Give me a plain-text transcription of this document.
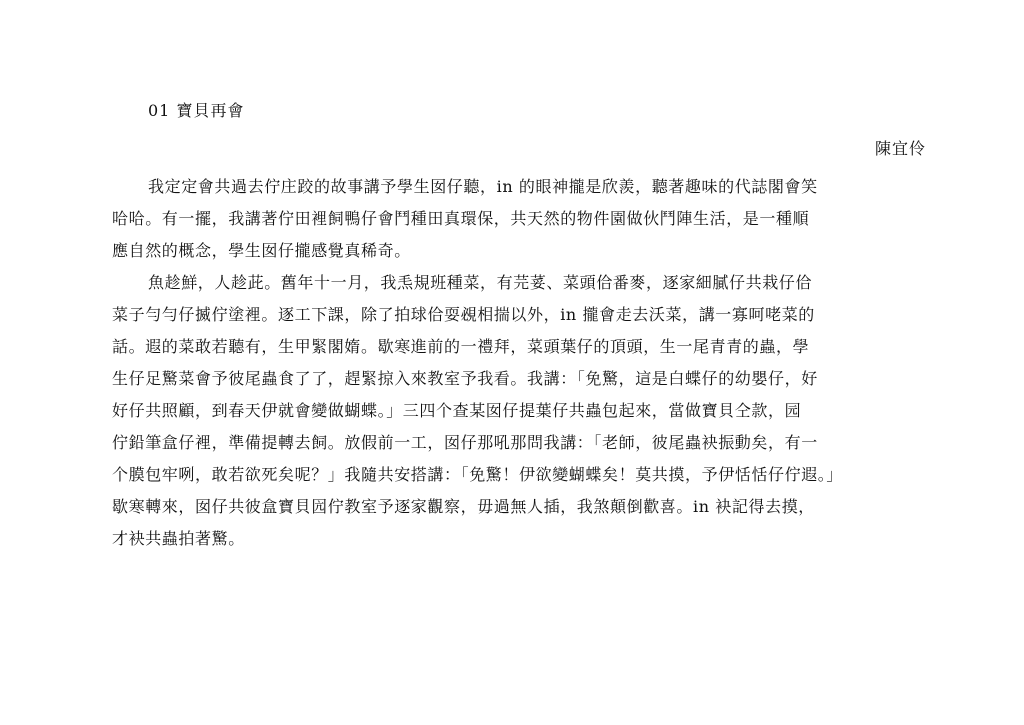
01 寶貝再會
陳宜伶
我定定會共過去佇庄跤的故事講予學生囡仔聽，in 的眼神攏是欣羨，聽著趣味的代誌閣會笑
哈哈。有一擺，我講著佇田裡飼鴨仔會鬥種田真環保，共天然的物件園做伙鬥陣生活，是一種順
應自然的概念，學生囡仔攏感覺真稀奇。
魚趁鮮，人趁茈。舊年十一月，我𤆬規班種菜，有芫荽、菜頭佮番麥，逐家細膩仔共栽仔佮
菜子勻勻仔揻佇塗裡。逐工下課，除了拍球佮耍覕相揣以外，in 攏會走去沃菜，講一寡呵咾菜的
話。遐的菜敢若聽有，生甲緊閣媠。歇寒進前的一禮拜，菜頭葉仔的頂頭，生一尾青青的蟲，學
生仔足驚菜會予彼尾蟲食了了，趕緊掠入來教室予我看。我講：「免驚，這是白蝶仔的幼嬰仔，好
好仔共照顧，到春天伊就會變做蝴蝶。」三四个查某囡仔提葉仔共蟲包起來，當做寶貝仝款，园
佇鉛筆盒仔裡，準備提轉去飼。放假前一工，囡仔那吼那問我講：「老師，彼尾蟲袂振動矣，有一
个膜包牢咧，敢若欲死矣呢？」我隨共安搭講：「免驚！伊欲變蝴蝶矣！莫共摸，予伊恬恬仔佇遐。」
歇寒轉來，囡仔共彼盒寶貝囥佇教室予逐家觀察，毋過無人插，我煞顛倒歡喜。in 袂記得去摸，
才袂共蟲拍著驚。
